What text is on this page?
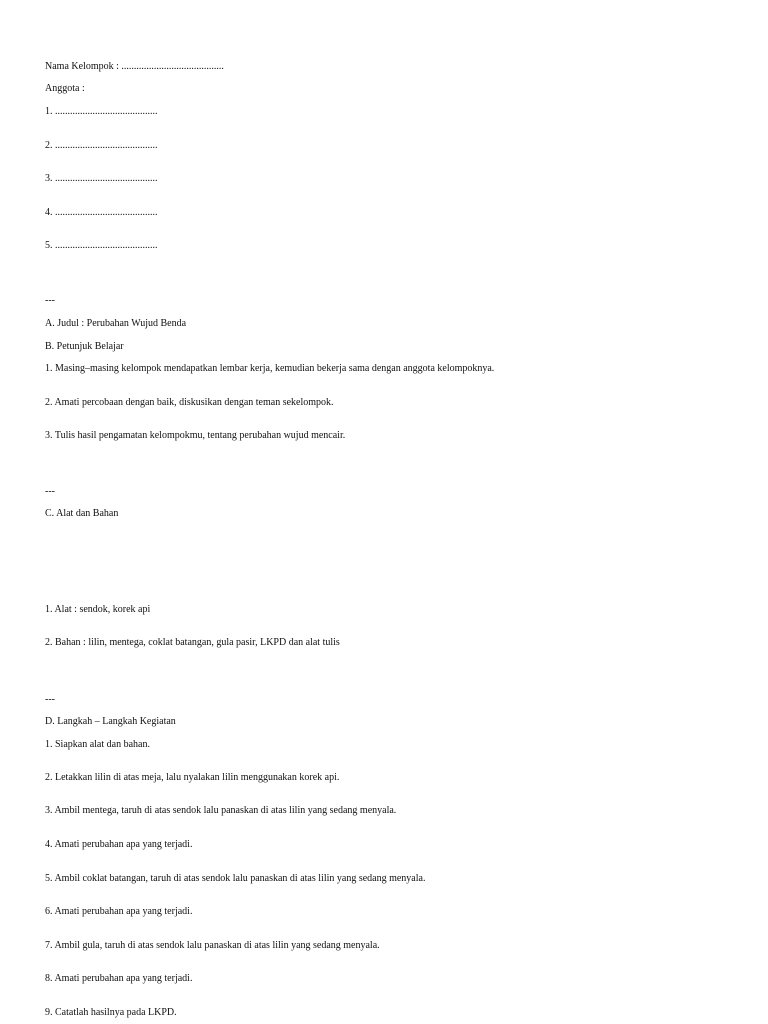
Nama Kelompok : .........................................
Anggota :
1. .........................................
2. .........................................
3. .........................................
4. .........................................
5. .........................................
---
A. Judul : Perubahan Wujud Benda
B. Petunjuk Belajar
1. Masing–masing kelompok mendapatkan lembar kerja, kemudian bekerja sama dengan anggota kelompoknya.
2. Amati percobaan dengan baik, diskusikan dengan teman sekelompok.
3. Tulis hasil pengamatan kelompokmu, tentang perubahan wujud mencair.
---
C. Alat dan Bahan
1. Alat : sendok, korek api
2. Bahan : lilin, mentega, coklat batangan, gula pasir, LKPD dan alat tulis
---
D. Langkah – Langkah Kegiatan
1. Siapkan alat dan bahan.
2. Letakkan lilin di atas meja, lalu nyalakan lilin menggunakan korek api.
3. Ambil mentega, taruh di atas sendok lalu panaskan di atas lilin yang sedang menyala.
4. Amati perubahan apa yang terjadi.
5. Ambil coklat batangan, taruh di atas sendok lalu panaskan di atas lilin yang sedang menyala.
6. Amati perubahan apa yang terjadi.
7. Ambil gula, taruh di atas sendok lalu panaskan di atas lilin yang sedang menyala.
8. Amati perubahan apa yang terjadi.
9. Catatlah hasilnya pada LKPD.
